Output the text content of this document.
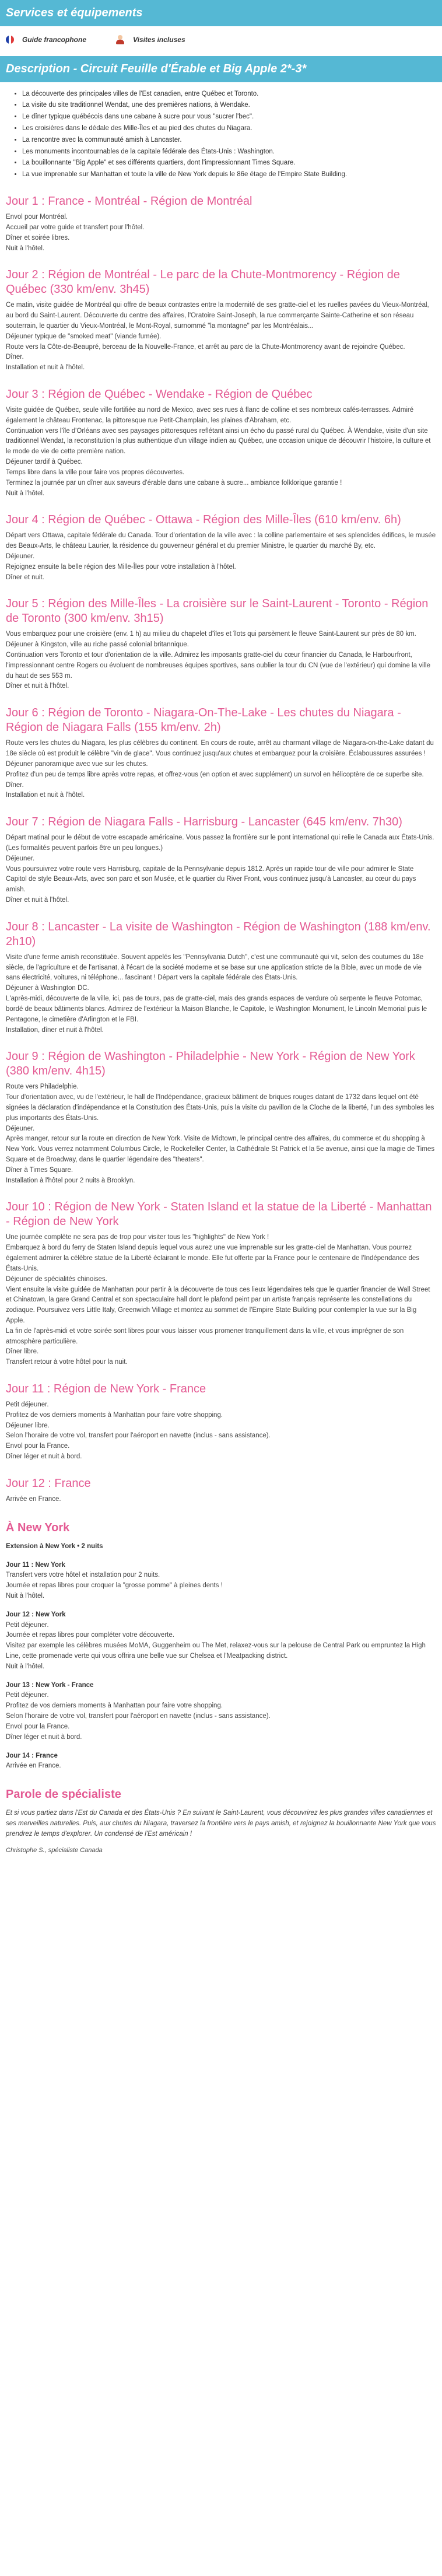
Services et équipements
Guide francophone	Visites incluses
Description - Circuit Feuille d'Érable et Big Apple 2*-3*
• La découverte des principales villes de l'Est canadien, entre Québec et Toronto.
• La visite du site traditionnel Wendat, une des premières nations, à Wendake.
• Le dîner typique québécois dans une cabane à sucre pour vous "sucrer l'bec".
• Les croisières dans le dédale des Mille-Îles et au pied des chutes du Niagara.
• La rencontre avec la communauté amish à Lancaster.
• Les monuments incontournables de la capitale fédérale des États-Unis : Washington.
• La bouillonnante "Big Apple" et ses différents quartiers, dont l'impressionnant Times Square.
• La vue imprenable sur Manhattan et toute la ville de New York depuis le 86e étage de l'Empire State Building.
Jour 1 : France - Montréal - Région de Montréal

Envol pour Montréal.
Accueil par votre guide et transfert pour l'hôtel.
Dîner et soirée libres.
Nuit à l'hôtel.

Jour 2 : Région de Montréal - Le parc de la Chute-Montmorency - Région de Québec (330 km/env. 3h45)

Ce matin, visite guidée de Montréal qui offre de beaux contrastes entre la modernité de ses gratte-ciel et les ruelles pavées du Vieux-Montréal, au bord du Saint-Laurent. Découverte du centre des affaires, l'Oratoire Saint-Joseph, la rue commerçante Sainte-Catherine et son réseau souterrain, le quartier du Vieux-Montréal, le Mont-Royal, surnommé "la montagne" par les Montréalais...
Déjeuner typique de "smoked meat" (viande fumée).
Route vers la Côte-de-Beaupré, berceau de la Nouvelle-France, et arrêt au parc de la Chute-Montmorency avant de rejoindre Québec.
Dîner.
Installation et nuit à l'hôtel.

Jour 3 : Région de Québec - Wendake - Région de Québec

Visite guidée de Québec, seule ville fortifiée au nord de Mexico, avec ses rues à flanc de colline et ses nombreux cafés-terrasses. Admiré également le château Frontenac, la pittoresque rue Petit-Champlain, les plaines d'Abraham, etc.
Continuation vers l'île d'Orléans avec ses paysages pittoresques reflétant ainsi un écho du passé rural du Québec. À Wendake, visite d'un site traditionnel Wendat, la reconstitution la plus authentique d'un village indien au Québec, une occasion unique de découvrir l'histoire, la culture et le mode de vie de cette première nation.
Déjeuner tardif à Québec.
Temps libre dans la ville pour faire vos propres découvertes.
Terminez la journée par un dîner aux saveurs d'érable dans une cabane à sucre... ambiance folklorique garantie !
Nuit à l'hôtel.

Jour 4 : Région de Québec - Ottawa - Région des Mille-Îles (610 km/env. 6h)

Départ vers Ottawa, capitale fédérale du Canada. Tour d'orientation de la ville avec : la colline parlementaire et ses splendides édifices, le musée des Beaux-Arts, le château Laurier, la résidence du gouverneur général et du premier Ministre, le quartier du marché By, etc.
Déjeuner.
Rejoignez ensuite la belle région des Mille-Îles pour votre installation à l'hôtel.
Dîner et nuit.

Jour 5 : Région des Mille-Îles - La croisière sur le Saint-Laurent - Toronto - Région de Toronto (300 km/env. 3h15)

Vous embarquez pour une croisière (env. 1 h) au milieu du chapelet d'îles et îlots qui parsèment le fleuve Saint-Laurent sur près de 80 km.
Déjeuner à Kingston, ville au riche passé colonial britannique.
Continuation vers Toronto et tour d'orientation de la ville. Admirez les imposants gratte-ciel du cœur financier du Canada, le Harbourfront, l'impressionnant centre Rogers ou évoluent de nombreuses équipes sportives, sans oublier la tour du CN (vue de l'extérieur) qui domine la ville du haut de ses 553 m.
Dîner et nuit à l'hôtel.

Jour 6 : Région de Toronto - Niagara-On-The-Lake - Les chutes du Niagara - Région de Niagara Falls (155 km/env. 2h)

Route vers les chutes du Niagara, les plus célèbres du continent. En cours de route, arrêt au charmant village de Niagara-on-the-Lake datant du 18e siècle où est produit le célèbre "vin de glace". Vous continuez jusqu'aux chutes et embarquez pour la croisière. Éclaboussures assurées !
Déjeuner panoramique avec vue sur les chutes.
Profitez d'un peu de temps libre après votre repas, et offrez-vous (en option et avec supplément) un survol en hélicoptère de ce superbe site.
Dîner.
Installation et nuit à l'hôtel.

Jour 7 : Région de Niagara Falls - Harrisburg - Lancaster (645 km/env. 7h30)

Départ matinal pour le début de votre escapade américaine. Vous passez la frontière sur le pont international qui relie le Canada aux États-Unis. (Les formalités peuvent parfois être un peu longues.)
Déjeuner.
Vous poursuivrez votre route vers Harrisburg, capitale de la Pennsylvanie depuis 1812. Après un rapide tour de ville pour admirer le State Capitol de style Beaux-Arts, avec son parc et son Musée, et le quartier du River Front, vous continuez jusqu'à Lancaster, au cœur du pays amish.
Dîner et nuit à l'hôtel.

Jour 8 : Lancaster - La visite de Washington - Région de Washington (188 km/env. 2h10)

Visite d'une ferme amish reconstituée. Souvent appelés les "Pennsylvania Dutch", c'est une communauté qui vit, selon des coutumes du 18e siècle, de l'agriculture et de l'artisanat, à l'écart de la société moderne et se base sur une application stricte de la Bible, avec un mode de vie sans électricité, voitures, ni téléphone... fascinant ! Départ vers la capitale fédérale des États-Unis.
Déjeuner à Washington DC.
L'après-midi, découverte de la ville, ici, pas de tours, pas de gratte-ciel, mais des grands espaces de verdure où serpente le fleuve Potomac, bordé de beaux bâtiments blancs. Admirez de l'extérieur la Maison Blanche, le Capitole, le Washington Monument, le Lincoln Memorial puis le Pentagone, le cimetière d'Arlington et le FBI.
Installation, dîner et nuit à l'hôtel.

Jour 9 : Région de Washington - Philadelphie - New York - Région de New York (380 km/env. 4h15)

Route vers Philadelphie.
Tour d'orientation avec, vu de l'extérieur, le hall de l'Indépendance, gracieux bâtiment de briques rouges datant de 1732 dans lequel ont été signées la déclaration d'indépendance et la Constitution des États-Unis, puis la visite du pavillon de la Cloche de la liberté, l'un des symboles les plus importants des États-Unis.
Déjeuner.
Après manger, retour sur la route en direction de New York. Visite de Midtown, le principal centre des affaires, du commerce et du shopping à New York. Vous verrez notamment Columbus Circle, le Rockefeller Center, la Cathédrale St Patrick et la 5e avenue, ainsi que la magie de Times Square et de Broadway, dans le quartier légendaire des "theaters".
Dîner à Times Square.
Installation à l'hôtel pour 2 nuits à Brooklyn.

Jour 10 : Région de New York - Staten Island et la statue de la Liberté - Manhattan - Région de New York

Une journée complète ne sera pas de trop pour visiter tous les "highlights" de New York !
Embarquez à bord du ferry de Staten Island depuis lequel vous aurez une vue imprenable sur les gratte-ciel de Manhattan. Vous pourrez également admirer la célèbre statue de la Liberté éclairant le monde. Elle fut offerte par la France pour le centenaire de l'Indépendance des États-Unis.
Déjeuner de spécialités chinoises.
Vient ensuite la visite guidée de Manhattan pour partir à la découverte de tous ces lieux légendaires tels que le quartier financier de Wall Street et Chinatown, la gare Grand Central et son spectaculaire hall dont le plafond peint par un artiste français représente les constellations du zodiaque. Poursuivez vers Little Italy, Greenwich Village et montez au sommet de l'Empire State Building pour contempler la vue sur la Big Apple.
La fin de l'après-midi et votre soirée sont libres pour vous laisser vous promener tranquillement dans la ville, et vous imprégner de son atmosphère particulière.
Dîner libre.
Transfert retour à votre hôtel pour la nuit.

Jour 11 : Région de New York - France

Petit déjeuner.
Profitez de vos derniers moments à Manhattan pour faire votre shopping.
Déjeuner libre.
Selon l'horaire de votre vol, transfert pour l'aéroport en navette (inclus - sans assistance).
Envol pour la France.
Dîner léger et nuit à bord.

Jour 12 : France

Arrivée en France.

À New York

Extension à New York • 2 nuits

Jour 11 : New York

Transfert vers votre hôtel et installation pour 2 nuits.
Journée et repas libres pour croquer la "grosse pomme" à pleines dents !
Nuit à l'hôtel.

Jour 12 : New York

Petit déjeuner.
Journée et repas libres pour compléter votre découverte.
Visitez par exemple les célèbres musées MoMA, Guggenheim ou The Met, relaxez-vous sur la pelouse de Central Park ou empruntez la High Line, cette promenade verte qui vous offrira une belle vue sur Chelsea et l'Meatpacking district.
Nuit à l'hôtel.

Jour 13 : New York - France

Petit déjeuner.
Profitez de vos derniers moments à Manhattan pour faire votre shopping.
Selon l'horaire de votre vol, transfert pour l'aéroport en navette (inclus - sans assistance).
Envol pour la France.
Dîner léger et nuit à bord.

Jour 14 : France

Arrivée en France.

Parole de spécialiste

Et si vous partiez dans l'Est du Canada et des États-Unis ? En suivant le Saint-Laurent, vous découvrirez les plus grandes villes canadiennes et ses merveilles naturelles. Puis, aux chutes du Niagara, traversez la frontière vers le pays amish, et rejoignez la bouillonnante New York que vous prendrez le temps d'explorer. Un condensé de l'Est américain !

Christophe S., spécialiste Canada
